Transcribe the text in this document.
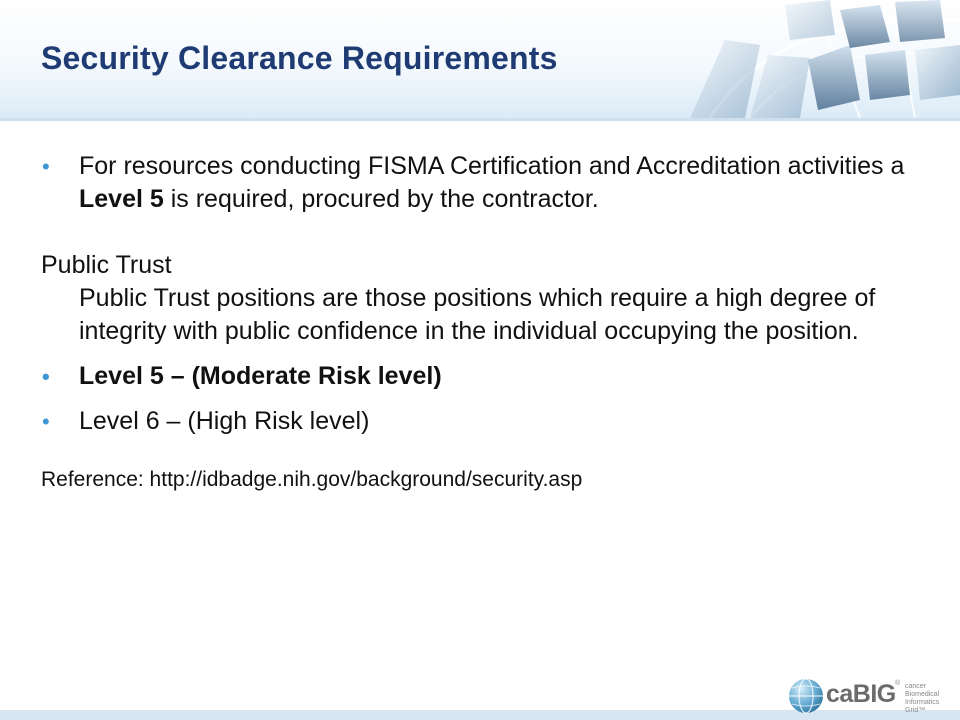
Security Clearance Requirements
•	For resources conducting FISMA Certification and Accreditation activities a Level 5 is required, procured by the contractor.
Public Trust
Public Trust positions are those positions which require a high degree of integrity with public confidence in the individual occupying the position.
•	Level 5 – (Moderate Risk level)
•	Level 6 – (High Risk level)
Reference: http://idbadge.nih.gov/background/security.asp
caBIG ® cancer Biomedical Informatics Grid™
